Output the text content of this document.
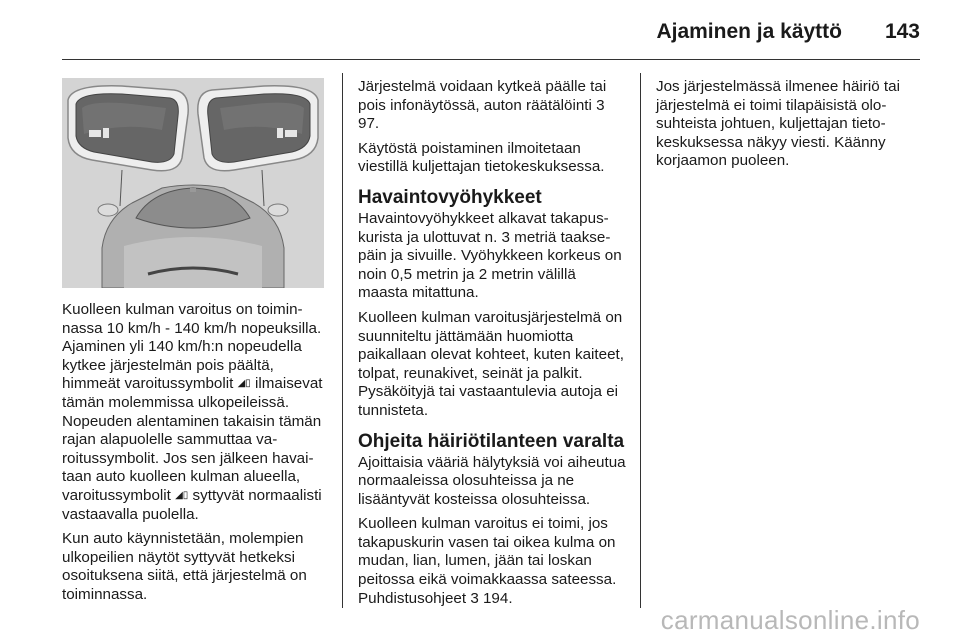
Ajaminen ja käyttö 143

Kuolleen kulman varoitus on toiminnassa 10 km/h - 140 km/h nopeuksilla. Ajaminen yli 140 km/h:n nopeudella kytkee järjestelmän pois päältä, himmeät varoitussymbolit ◢▯ ilmaisevat tämän molemmissa ulkopeileissä. Nopeuden alentaminen takaisin tämän rajan alapuolelle sammuttaa varoitussymbolit. Jos sen jälkeen havaitaan auto kuolleen kulman alueella, varoitussymbolit ◢▯ syttyvät normaalisti vastaavalla puolella.

Kun auto käynnistetään, molempien ulkopeilien näytöt syttyvät hetkeksi osoituksena siitä, että järjestelmä on toiminnassa.

Järjestelmä voidaan kytkeä päälle tai pois infonäytössä, auton räätälöinti 3 97.

Käytöstä poistaminen ilmoitetaan viestillä kuljettajan tietokeskuksessa.

Havaintovyöhykkeet

Havaintovyöhykkeet alkavat takapuskurista ja ulottuvat n. 3 metriä taaksepäin ja sivuille. Vyöhykkeen korkeus on noin 0,5 metrin ja 2 metrin välillä maasta mitattuna.

Kuolleen kulman varoitusjärjestelmä on suunniteltu jättämään huomiotta paikallaan olevat kohteet, kuten kaiteet, tolpat, reunakivet, seinät ja palkit. Pysäköityjä tai vastaantulevia autoja ei tunnisteta.

Ohjeita häiriötilanteen varalta

Ajoittaisia vääriä hälytyksiä voi aiheutua normaaleissa olosuhteissa ja ne lisääntyvät kosteissa olosuhteissa.

Kuolleen kulman varoitus ei toimi, jos takapuskurin vasen tai oikea kulma on mudan, lian, lumen, jään tai loskan peitossa eikä voimakkaassa sateessa. Puhdistusohjeet 3 194.

Jos järjestelmässä ilmenee häiriö tai järjestelmä ei toimi tilapäisistä olosuhteista johtuen, kuljettajan tietokeskuksessa näkyy viesti. Käänny korjaamon puoleen.

carmanualsonline.info
